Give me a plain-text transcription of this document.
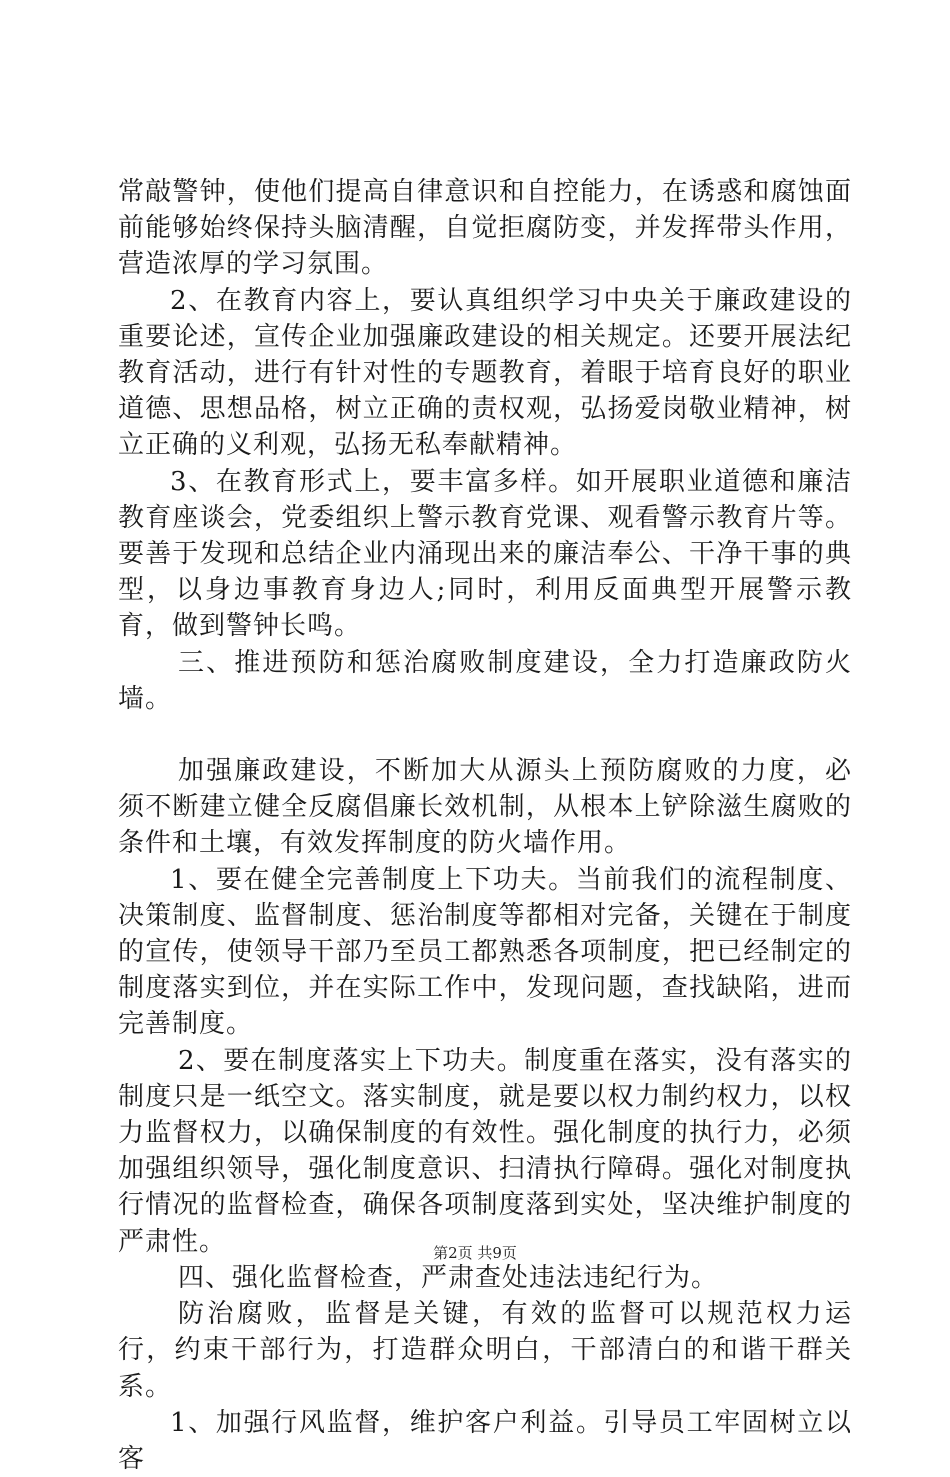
常敲警钟，使他们提高自律意识和自控能力，在诱惑和腐蚀面前能够始终保持头脑清醒，自觉拒腐防变，并发挥带头作用，营造浓厚的学习氛围。

2、在教育内容上，要认真组织学习中央关于廉政建设的重要论述，宣传企业加强廉政建设的相关规定。还要开展法纪教育活动，进行有针对性的专题教育，着眼于培育良好的职业道德、思想品格，树立正确的责权观，弘扬爱岗敬业精神，树立正确的义利观，弘扬无私奉献精神。

3、在教育形式上，要丰富多样。如开展职业道德和廉洁教育座谈会，党委组织上警示教育党课、观看警示教育片等。要善于发现和总结企业内涌现出来的廉洁奉公、干净干事的典型，以身边事教育身边人;同时，利用反面典型开展警示教育，做到警钟长鸣。

三、推进预防和惩治腐败制度建设，全力打造廉政防火墙。

加强廉政建设，不断加大从源头上预防腐败的力度，必须不断建立健全反腐倡廉长效机制，从根本上铲除滋生腐败的条件和土壤，有效发挥制度的防火墙作用。

1、要在健全完善制度上下功夫。当前我们的流程制度、决策制度、监督制度、惩治制度等都相对完备，关键在于制度的宣传，使领导干部乃至员工都熟悉各项制度，把已经制定的制度落实到位，并在实际工作中，发现问题，查找缺陷，进而完善制度。

2、要在制度落实上下功夫。制度重在落实，没有落实的制度只是一纸空文。落实制度，就是要以权力制约权力，以权力监督权力，以确保制度的有效性。强化制度的执行力，必须加强组织领导，强化制度意识、扫清执行障碍。强化对制度执行情况的监督检查，确保各项制度落到实处，坚决维护制度的严肃性。

四、强化监督检查，严肃查处违法违纪行为。

防治腐败，监督是关键，有效的监督可以规范权力运行，约束干部行为，打造群众明白，干部清白的和谐干群关系。

1、加强行风监督，维护客户利益。引导员工牢固树立以客

第2页 共9页
